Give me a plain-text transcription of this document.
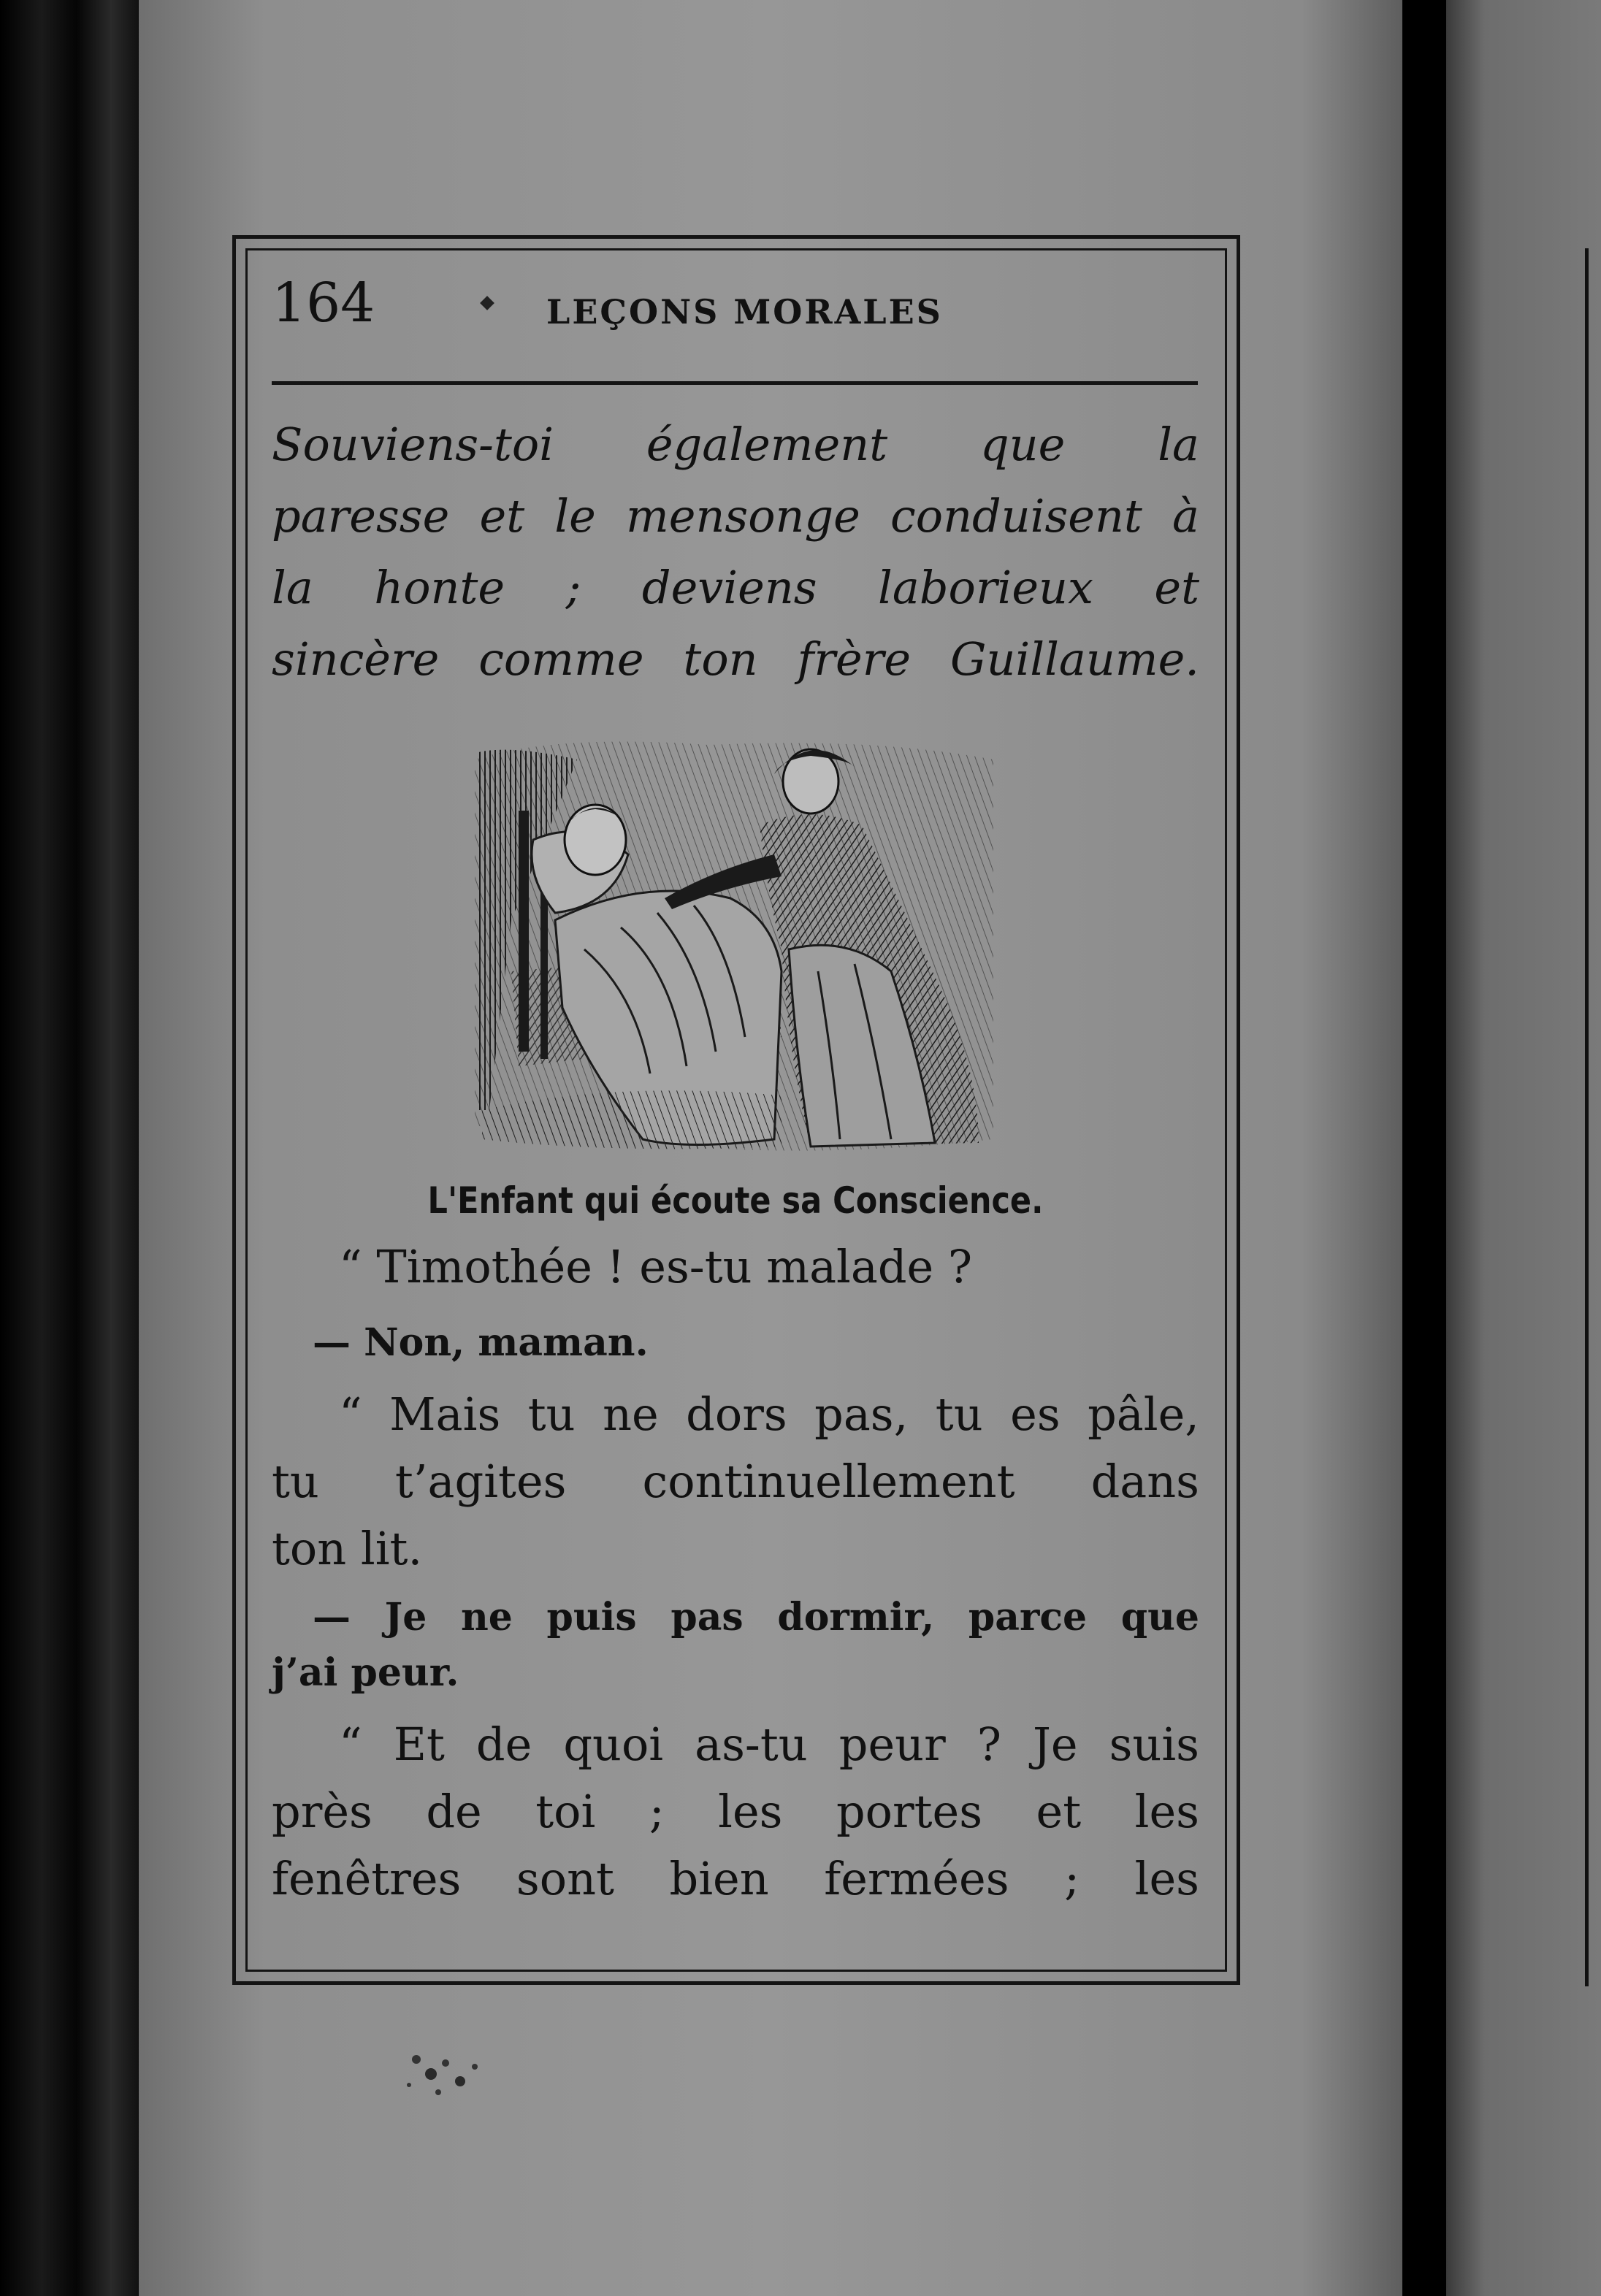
164	LEÇONS MORALES
Souviens-toi également que la
paresse et le mensonge conduisent à
la honte ; deviens laborieux et
sincère comme ton frère Guillaume.
L'Enfant qui écoute sa Conscience.
“ Timothée ! es-tu malade ?
— Non, maman.
“ Mais tu ne dors pas, tu es pâle,
tu t’agites continuellement dans
ton lit.
— Je ne puis pas dormir, parce que
j’ai peur.
“ Et de quoi as-tu peur ? Je suis
près de toi ; les portes et les
fenêtres sont bien fermées ; les
